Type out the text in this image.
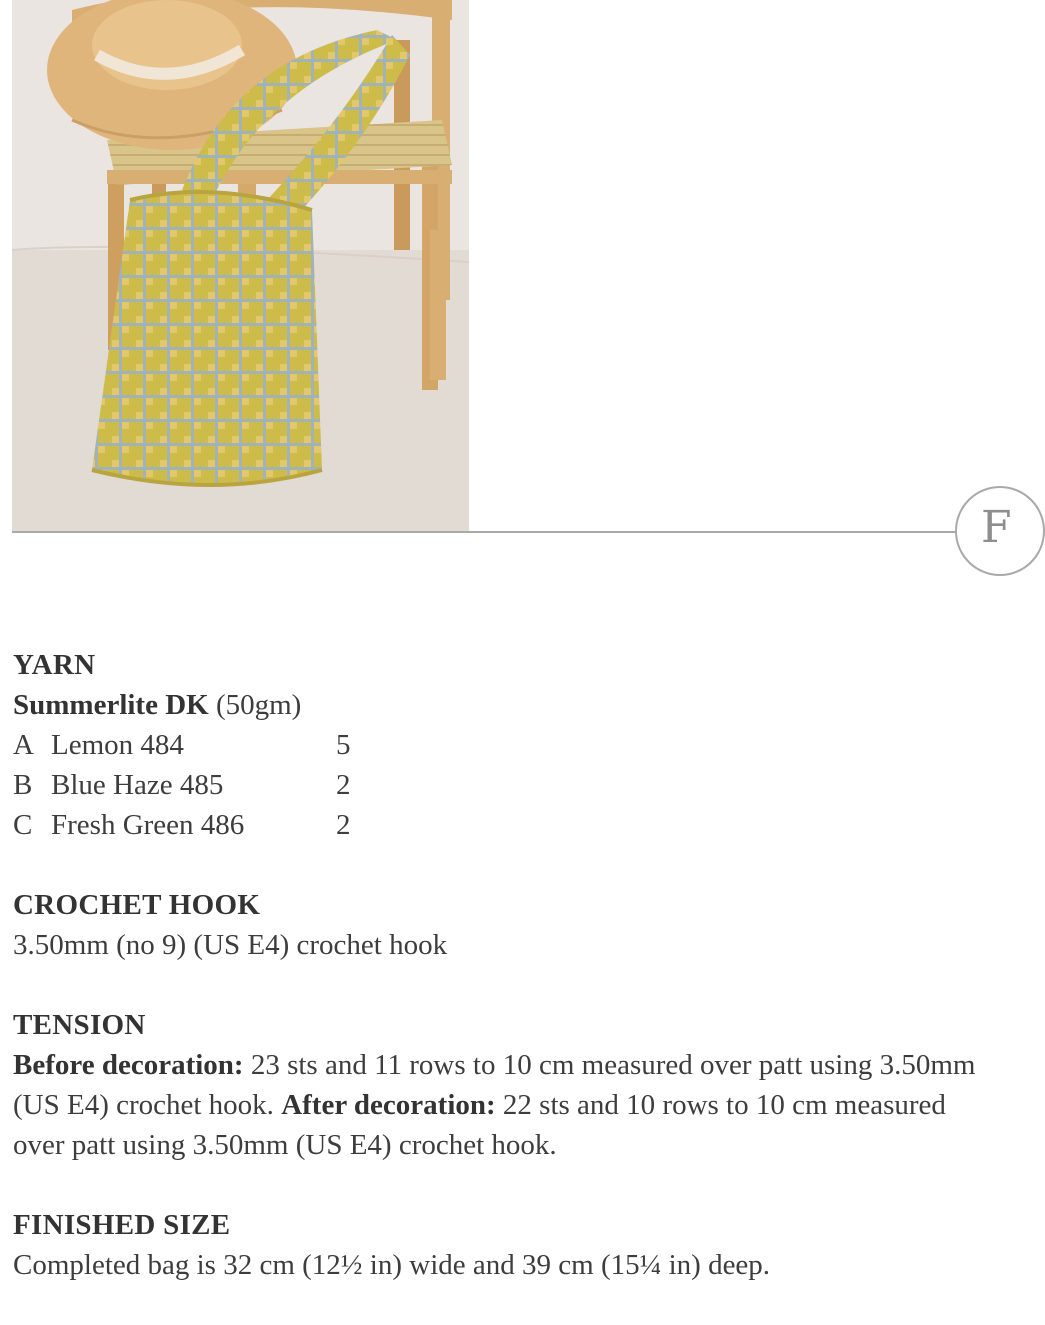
F
YARN
Summerlite DK (50gm)
A Lemon 484	5
B Blue Haze 485	2
C Fresh Green 486	2
CROCHET HOOK
3.50mm (no 9) (US E4) crochet hook
TENSION
Before decoration: 23 sts and 11 rows to 10 cm measured over patt using 3.50mm (US E4) crochet hook. After decoration: 22 sts and 10 rows to 10 cm measured over patt using 3.50mm (US E4) crochet hook.
FINISHED SIZE
Completed bag is 32 cm (12½ in) wide and 39 cm (15¼ in) deep.
